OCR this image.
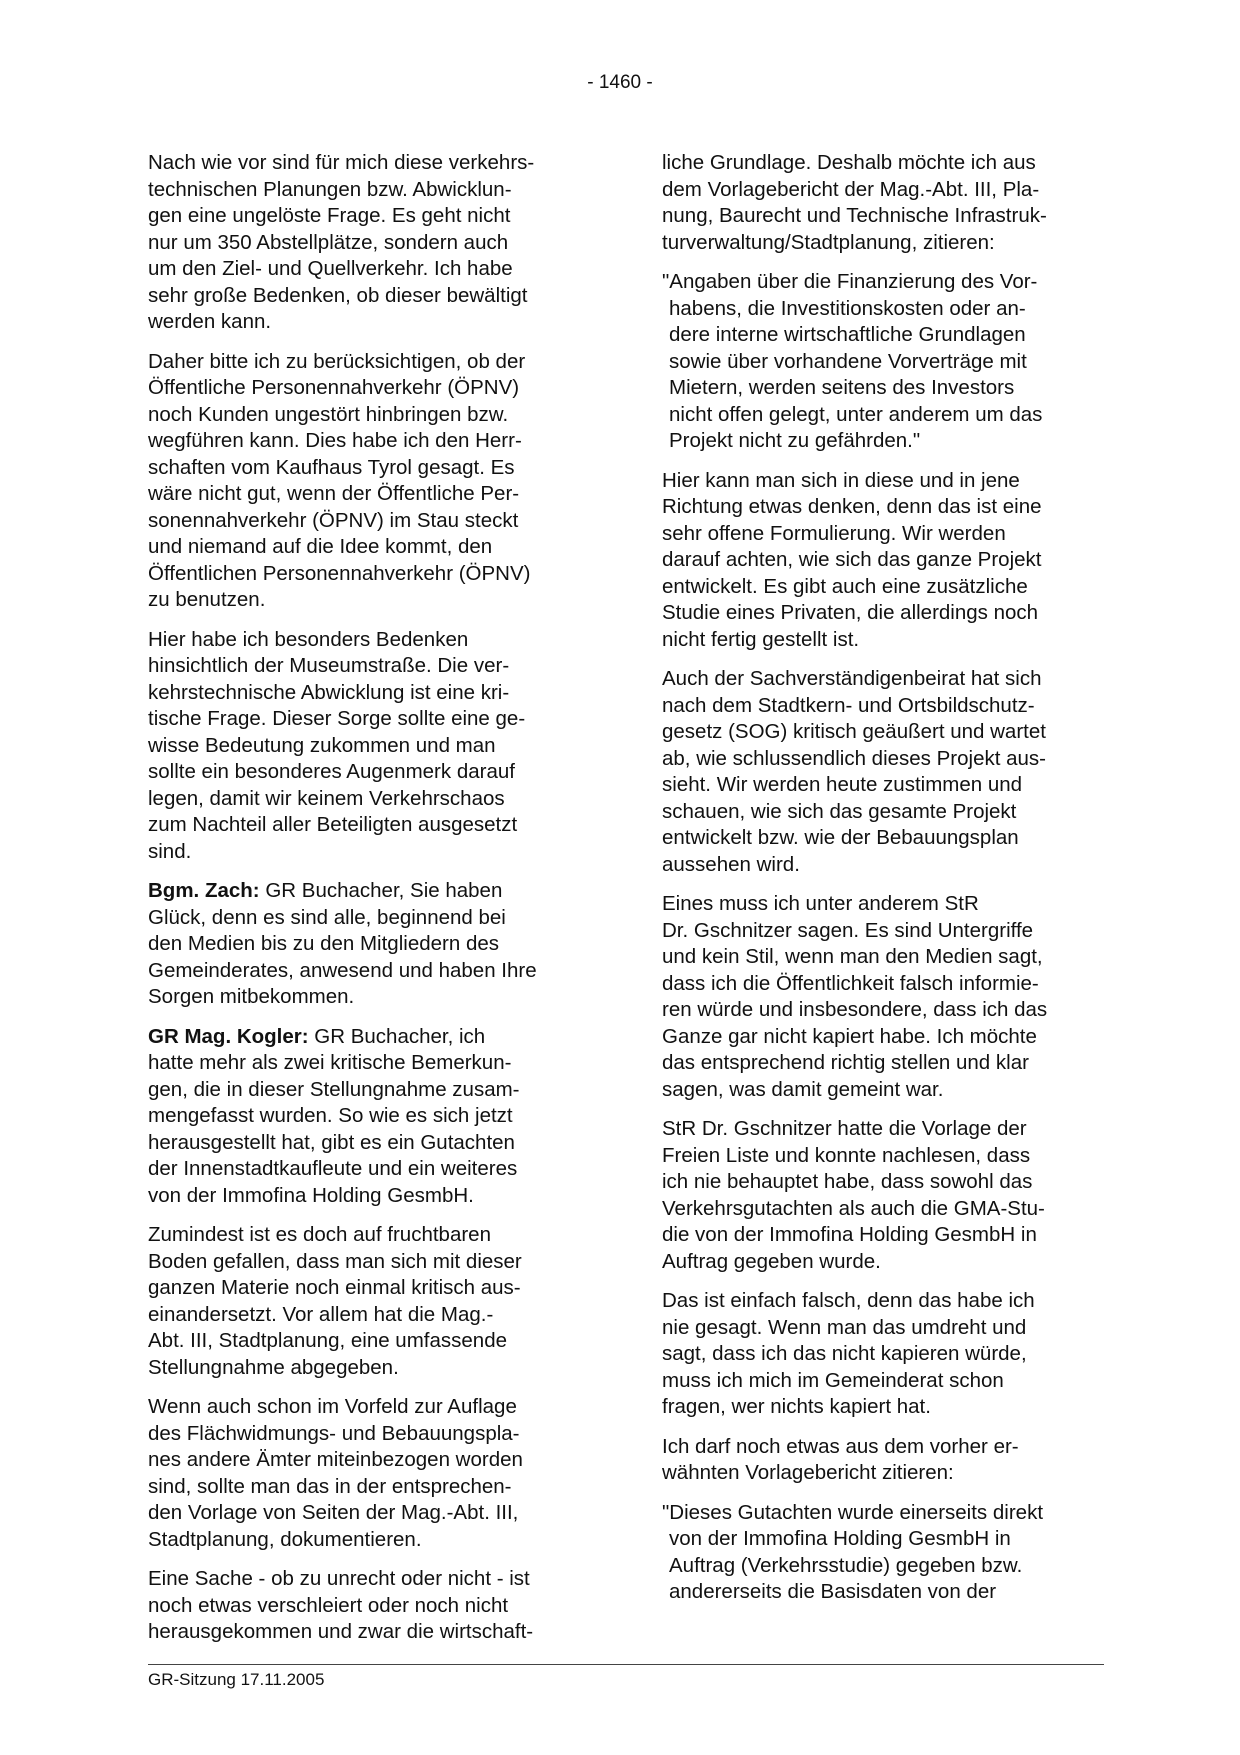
- 1460 -

Nach wie vor sind für mich diese verkehrs-
technischen Planungen bzw. Abwicklun-
gen eine ungelöste Frage. Es geht nicht
nur um 350 Abstellplätze, sondern auch
um den Ziel- und Quellverkehr. Ich habe
sehr große Bedenken, ob dieser bewältigt
werden kann.

Daher bitte ich zu berücksichtigen, ob der
Öffentliche Personennahverkehr (ÖPNV)
noch Kunden ungestört hinbringen bzw.
wegführen kann. Dies habe ich den Herr-
schaften vom Kaufhaus Tyrol gesagt. Es
wäre nicht gut, wenn der Öffentliche Per-
sonennahverkehr (ÖPNV) im Stau steckt
und niemand auf die Idee kommt, den
Öffentlichen Personennahverkehr (ÖPNV)
zu benutzen.

Hier habe ich besonders Bedenken
hinsichtlich der Museumstraße. Die ver-
kehrstechnische Abwicklung ist eine kri-
tische Frage. Dieser Sorge sollte eine ge-
wisse Bedeutung zukommen und man
sollte ein besonderes Augenmerk darauf
legen, damit wir keinem Verkehrschaos
zum Nachteil aller Beteiligten ausgesetzt
sind.

Bgm. Zach: GR Buchacher, Sie haben
Glück, denn es sind alle, beginnend bei
den Medien bis zu den Mitgliedern des
Gemeinderates, anwesend und haben Ihre
Sorgen mitbekommen.

GR Mag. Kogler: GR Buchacher, ich
hatte mehr als zwei kritische Bemerkun-
gen, die in dieser Stellungnahme zusam-
mengefasst wurden. So wie es sich jetzt
herausgestellt hat, gibt es ein Gutachten
der Innenstadtkaufleute und ein weiteres
von der Immofina Holding GesmbH.

Zumindest ist es doch auf fruchtbaren
Boden gefallen, dass man sich mit dieser
ganzen Materie noch einmal kritisch aus-
einandersetzt. Vor allem hat die Mag.-
Abt. III, Stadtplanung, eine umfassende
Stellungnahme abgegeben.

Wenn auch schon im Vorfeld zur Auflage
des Flächwidmungs- und Bebauungspla-
nes andere Ämter miteinbezogen worden
sind, sollte man das in der entsprechen-
den Vorlage von Seiten der Mag.-Abt. III,
Stadtplanung, dokumentieren.

Eine Sache - ob zu unrecht oder nicht - ist
noch etwas verschleiert oder noch nicht
herausgekommen und zwar die wirtschaft-

liche Grundlage. Deshalb möchte ich aus
dem Vorlagebericht der Mag.-Abt. III, Pla-
nung, Baurecht und Technische Infrastruk-
turverwaltung/Stadtplanung, zitieren:

"Angaben über die Finanzierung des Vor-
habens, die Investitionskosten oder an-
dere interne wirtschaftliche Grundlagen
sowie über vorhandene Vorverträge mit
Mietern, werden seitens des Investors
nicht offen gelegt, unter anderem um das
Projekt nicht zu gefährden."

Hier kann man sich in diese und in jene
Richtung etwas denken, denn das ist eine
sehr offene Formulierung. Wir werden
darauf achten, wie sich das ganze Projekt
entwickelt. Es gibt auch eine zusätzliche
Studie eines Privaten, die allerdings noch
nicht fertig gestellt ist.

Auch der Sachverständigenbeirat hat sich
nach dem Stadtkern- und Ortsbildschutz-
gesetz (SOG) kritisch geäußert und wartet
ab, wie schlussendlich dieses Projekt aus-
sieht. Wir werden heute zustimmen und
schauen, wie sich das gesamte Projekt
entwickelt bzw. wie der Bebauungsplan
aussehen wird.

Eines muss ich unter anderem StR
Dr. Gschnitzer sagen. Es sind Untergriffe
und kein Stil, wenn man den Medien sagt,
dass ich die Öffentlichkeit falsch informie-
ren würde und insbesondere, dass ich das
Ganze gar nicht kapiert habe. Ich möchte
das entsprechend richtig stellen und klar
sagen, was damit gemeint war.

StR Dr. Gschnitzer hatte die Vorlage der
Freien Liste und konnte nachlesen, dass
ich nie behauptet habe, dass sowohl das
Verkehrsgutachten als auch die GMA-Stu-
die von der Immofina Holding GesmbH in
Auftrag gegeben wurde.

Das ist einfach falsch, denn das habe ich
nie gesagt. Wenn man das umdreht und
sagt, dass ich das nicht kapieren würde,
muss ich mich im Gemeinderat schon
fragen, wer nichts kapiert hat.

Ich darf noch etwas aus dem vorher er-
wähnten Vorlagebericht zitieren:

"Dieses Gutachten wurde einerseits direkt
von der Immofina Holding GesmbH in
Auftrag (Verkehrsstudie) gegeben bzw.
andererseits die Basisdaten von der

GR-Sitzung 17.11.2005
